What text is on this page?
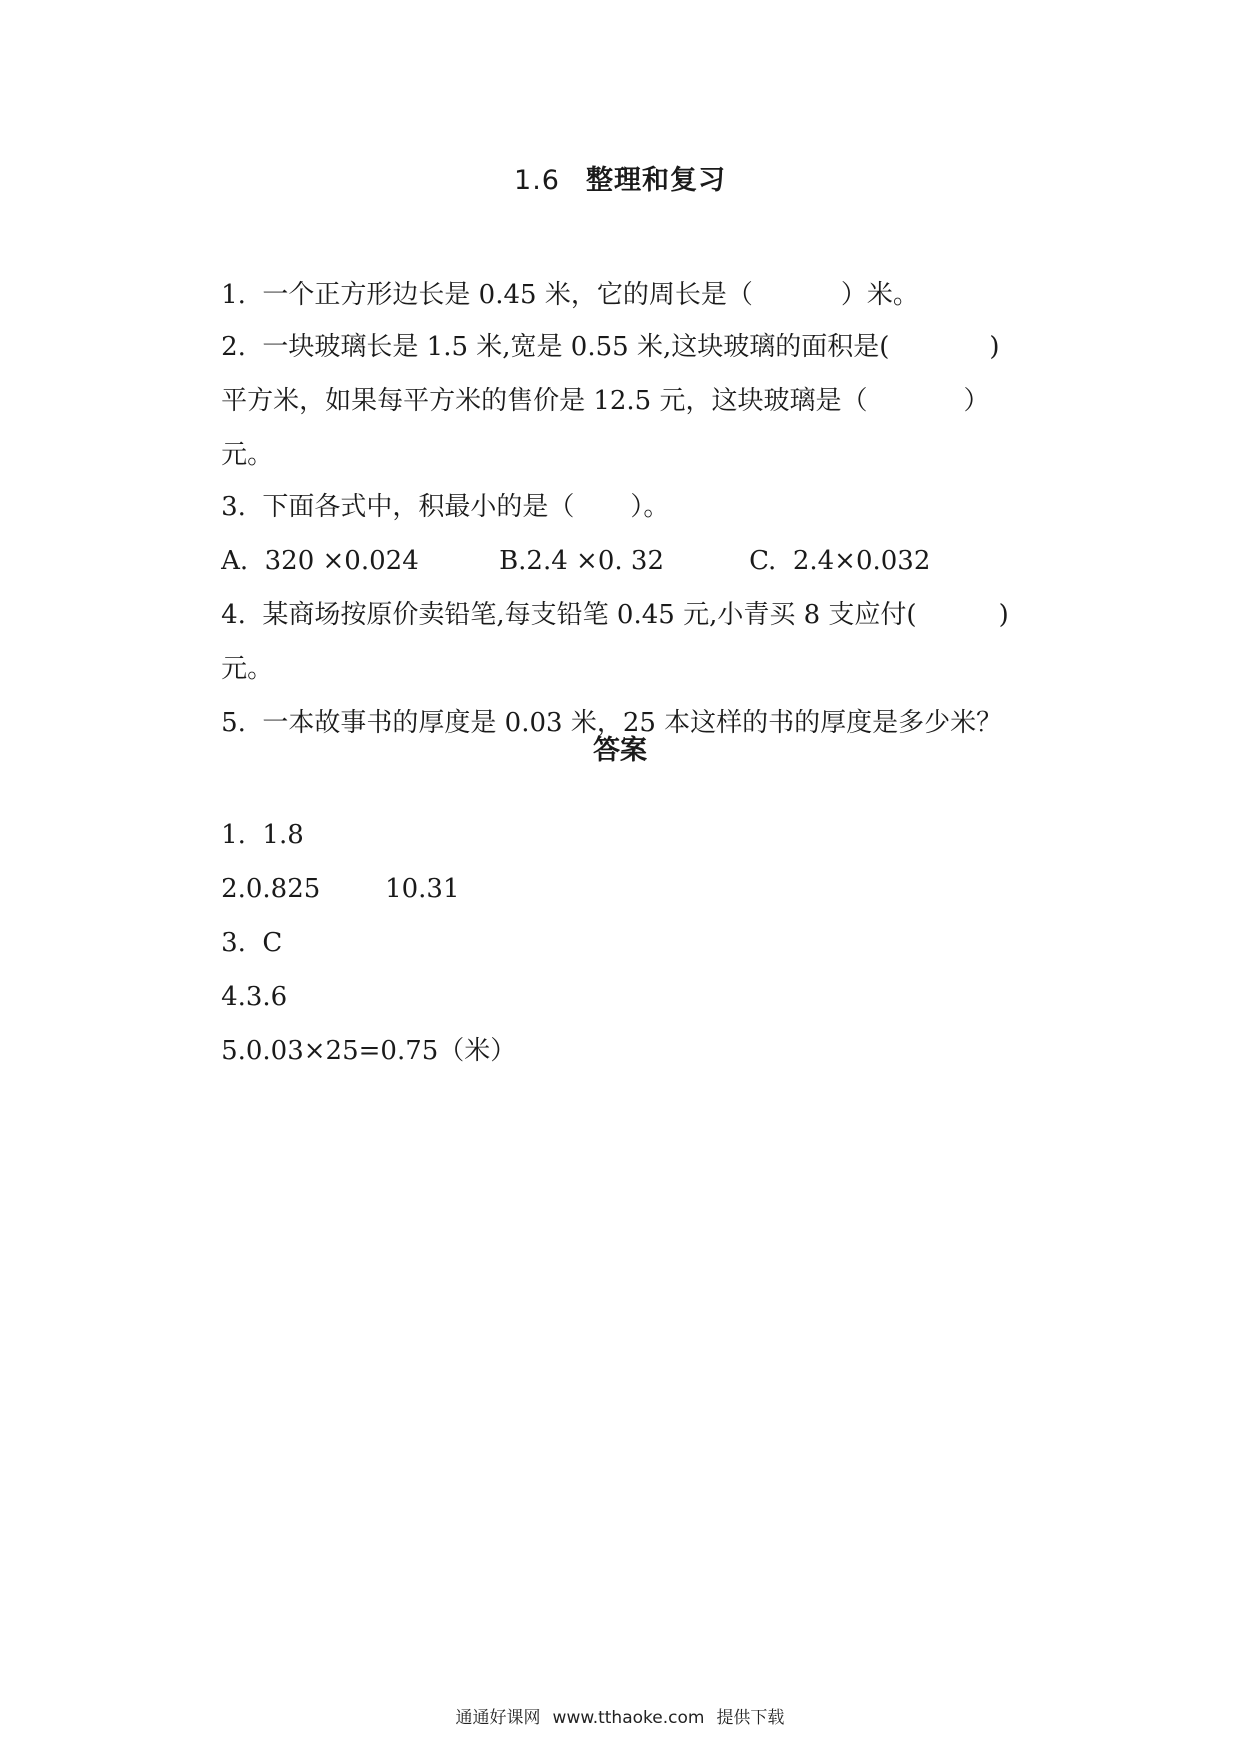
1.6 整理和复习

1.  一个正方形边长是 0.45 米，它的周长是（	）米。

2.  一块玻璃长是 1.5 米,宽是 0.55 米,这块玻璃的面积是(	)

平方米，如果每平方米的售价是 12.5 元，这块玻璃是（	）

元。

3.  下面各式中，积最小的是（ ）。

A.  320 ×0.024
	B.2.4 ×0. 32
	C.  2.4×0.032

4.  某商场按原价卖铅笔,每支铅笔 0.45 元,小青买 8 支应付(	)

元。

5.  一本故事书的厚度是 0.03 米，25 本这样的书的厚度是多少米？

答案

1.  1.8

2.0.825
	10.31

3.  C

4.3.6

5.0.03×25=0.75（米）

通通好课网 www.tthaoke.com 提供下载
